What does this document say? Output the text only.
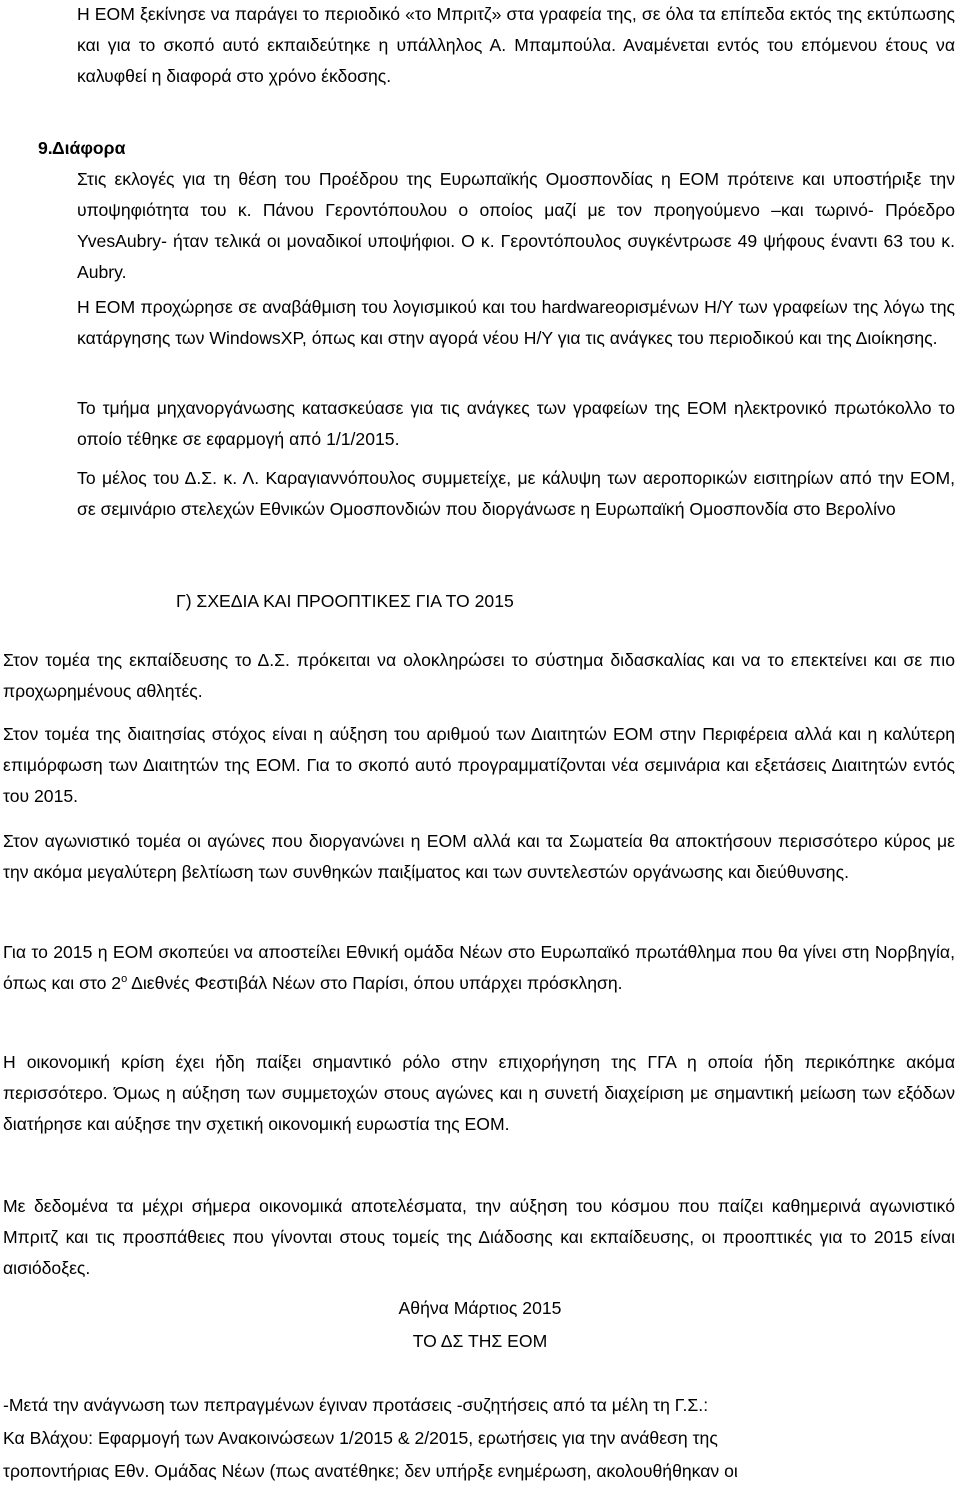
Η ΕΟΜ ξεκίνησε να παράγει το περιοδικό «το Μπριτζ» στα γραφεία της, σε όλα τα επίπεδα εκτός της εκτύπωσης και για το σκοπό αυτό εκπαιδεύτηκε η υπάλληλος Α. Μπαμπούλα. Αναμένεται εντός του επόμενου έτους να καλυφθεί η διαφορά στο χρόνο έκδοσης.

9.Διάφορα

Στις εκλογές για τη θέση του Προέδρου της Ευρωπαϊκής Ομοσπονδίας η ΕΟΜ πρότεινε και υποστήριξε την υποψηφιότητα του κ. Πάνου Γεροντόπουλου ο οποίος μαζί με τον προηγούμενο –και τωρινό- Πρόεδρο YvesAubry- ήταν τελικά οι μοναδικοί υποψήφιοι. Ο κ. Γεροντόπουλος συγκέντρωσε 49 ψήφους έναντι 63 του κ. Aubry.

Η ΕΟΜ προχώρησε σε αναβάθμιση του λογισμικού και του hardwareορισμένων Η/Υ των γραφείων της λόγω της κατάργησης των WindowsXP, όπως και στην αγορά νέου Η/Υ για τις ανάγκες του περιοδικού και της Διοίκησης.

Το τμήμα μηχανοργάνωσης κατασκεύασε για τις ανάγκες των γραφείων της ΕΟΜ ηλεκτρονικό πρωτόκολλο το οποίο τέθηκε σε εφαρμογή από 1/1/2015.

Το μέλος του Δ.Σ. κ. Λ. Καραγιαννόπουλος συμμετείχε, με κάλυψη των αεροπορικών εισιτηρίων από την ΕΟΜ, σε σεμινάριο στελεχών Εθνικών Ομοσπονδιών που διοργάνωσε η Ευρωπαϊκή Ομοσπονδία στο Βερολίνο

Γ) ΣΧΕΔΙΑ ΚΑΙ ΠΡΟΟΠΤΙΚΕΣ ΓΙΑ ΤΟ 2015

Στον τομέα της εκπαίδευσης το Δ.Σ. πρόκειται να ολοκληρώσει το σύστημα διδασκαλίας και να το επεκτείνει και σε πιο προχωρημένους αθλητές.

Στον τομέα της διαιτησίας στόχος είναι η αύξηση του αριθμού των Διαιτητών ΕΟΜ στην Περιφέρεια αλλά και η καλύτερη επιμόρφωση των Διαιτητών της ΕΟΜ. Για το σκοπό αυτό προγραμματίζονται νέα σεμινάρια και εξετάσεις Διαιτητών εντός του 2015.

Στον αγωνιστικό τομέα οι αγώνες που διοργανώνει η ΕΟΜ αλλά και τα Σωματεία θα αποκτήσουν περισσότερο κύρος με την ακόμα μεγαλύτερη βελτίωση των συνθηκών παιξίματος και των συντελεστών οργάνωσης και διεύθυνσης.

Για το 2015 η ΕΟΜ σκοπεύει να αποστείλει Εθνική ομάδα Νέων στο Ευρωπαϊκό πρωτάθλημα που θα γίνει στη Νορβηγία, όπως και στο $2^o$ Διεθνές Φεστιβάλ Νέων στο Παρίσι, όπου υπάρχει πρόσκληση.

Η οικονομική κρίση έχει ήδη παίξει σημαντικό ρόλο στην επιχορήγηση της ΓΓΑ η οποία ήδη περικόπηκε ακόμα περισσότερο. Όμως η αύξηση των συμμετοχών στους αγώνες και η συνετή διαχείριση με σημαντική μείωση των εξόδων διατήρησε και αύξησε την σχετική οικονομική ευρωστία της ΕΟΜ.

Με δεδομένα τα μέχρι σήμερα οικονομικά αποτελέσματα, την αύξηση του κόσμου που παίζει καθημερινά αγωνιστικό Μπριτζ και τις προσπάθειες που γίνονται στους τομείς της Διάδοσης και εκπαίδευσης, οι προοπτικές για το 2015 είναι αισιόδοξες.

Αθήνα Μάρτιος 2015

ΤΟ ΔΣ ΤΗΣ ΕΟΜ

-Μετά την ανάγνωση των πεπραγμένων έγιναν προτάσεις -συζητήσεις από τα μέλη τη Γ.Σ.:

Κα Βλάχου: Εφαρμογή των Ανακοινώσεων 1/2015 & 2/2015, ερωτήσεις για την ανάθεση της

τροποντήριας Εθν. Ομάδας Νέων (πως ανατέθηκε; δεν υπήρξε ενημέρωση, ακολουθήθηκαν οι
